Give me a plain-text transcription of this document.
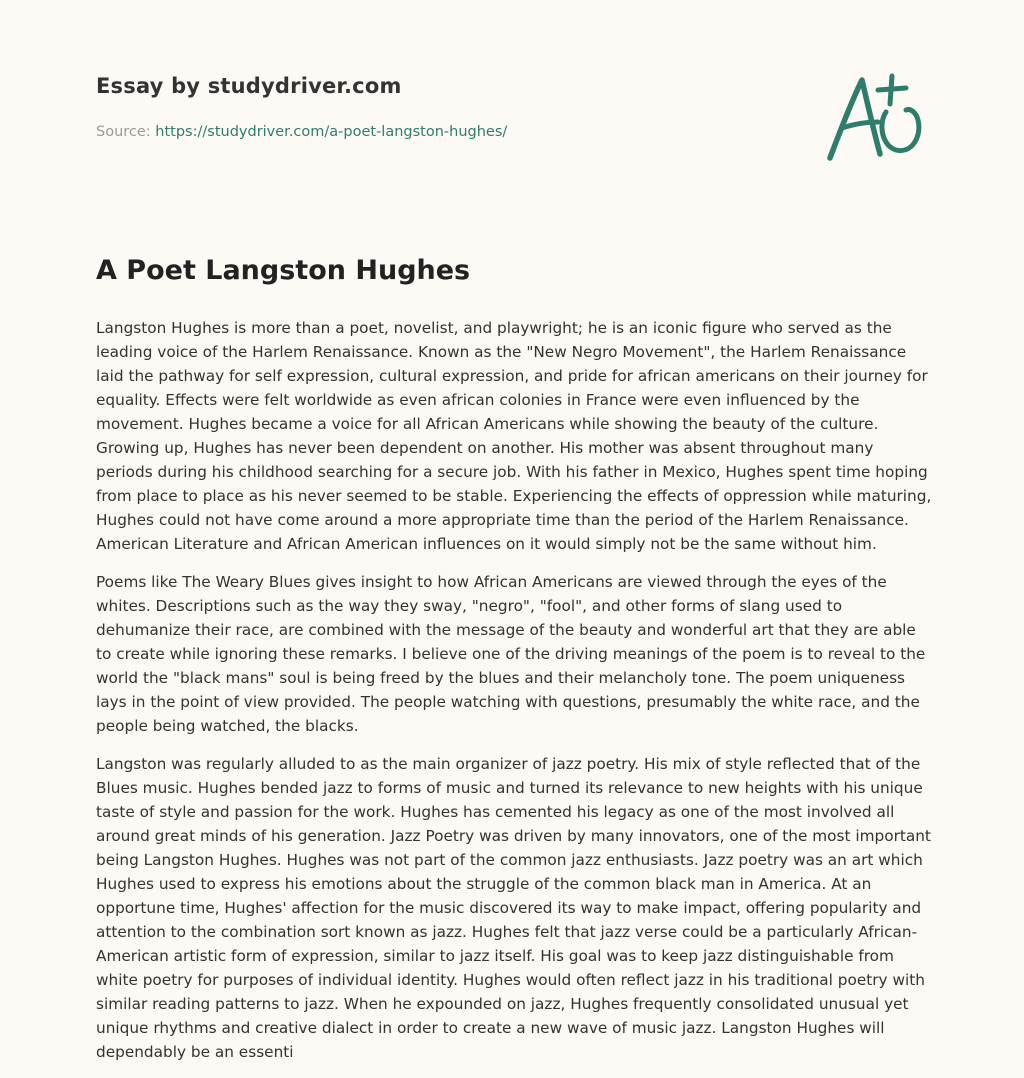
Essay by studydriver.com
Source: https://studydriver.com/a-poet-langston-hughes/
A Poet Langston Hughes

Langston Hughes is more than a poet, novelist, and playwright; he is an iconic figure who served as the leading voice of the Harlem Renaissance. Known as the "New Negro Movement", the Harlem Renaissance laid the pathway for self expression, cultural expression, and pride for african americans on their journey for equality. Effects were felt worldwide as even african colonies in France were even influenced by the movement. Hughes became a voice for all African Americans while showing the beauty of the culture. Growing up, Hughes has never been dependent on another. His mother was absent throughout many periods during his childhood searching for a secure job. With his father in Mexico, Hughes spent time hoping from place to place as his never seemed to be stable. Experiencing the effects of oppression while maturing, Hughes could not have come around a more appropriate time than the period of the Harlem Renaissance. American Literature and African American influences on it would simply not be the same without him.

Poems like The Weary Blues gives insight to how African Americans are viewed through the eyes of the whites. Descriptions such as the way they sway, "negro", "fool", and other forms of slang used to dehumanize their race, are combined with the message of the beauty and wonderful art that they are able to create while ignoring these remarks. I believe one of the driving meanings of the poem is to reveal to the world the "black mans" soul is being freed by the blues and their melancholy tone. The poem uniqueness lays in the point of view provided. The people watching with questions, presumably the white race, and the people being watched, the blacks.

Langston was regularly alluded to as the main organizer of jazz poetry. His mix of style reflected that of the Blues music. Hughes bended jazz to forms of music and turned its relevance to new heights with his unique taste of style and passion for the work. Hughes has cemented his legacy as one of the most involved all around great minds of his generation. Jazz Poetry was driven by many innovators, one of the most important being Langston Hughes. Hughes was not part of the common jazz enthusiasts. Jazz poetry was an art which Hughes used to express his emotions about the struggle of the common black man in America. At an opportune time, Hughes' affection for the music discovered its way to make impact, offering popularity and attention to the combination sort known as jazz. Hughes felt that jazz verse could be a particularly African-American artistic form of expression, similar to jazz itself. His goal was to keep jazz distinguishable from white poetry for purposes of individual identity. Hughes would often reflect jazz in his traditional poetry with similar reading patterns to jazz. When he expounded on jazz, Hughes frequently consolidated unusual yet unique rhythms and creative dialect in order to create a new wave of music jazz. Langston Hughes will dependably be an essenti
